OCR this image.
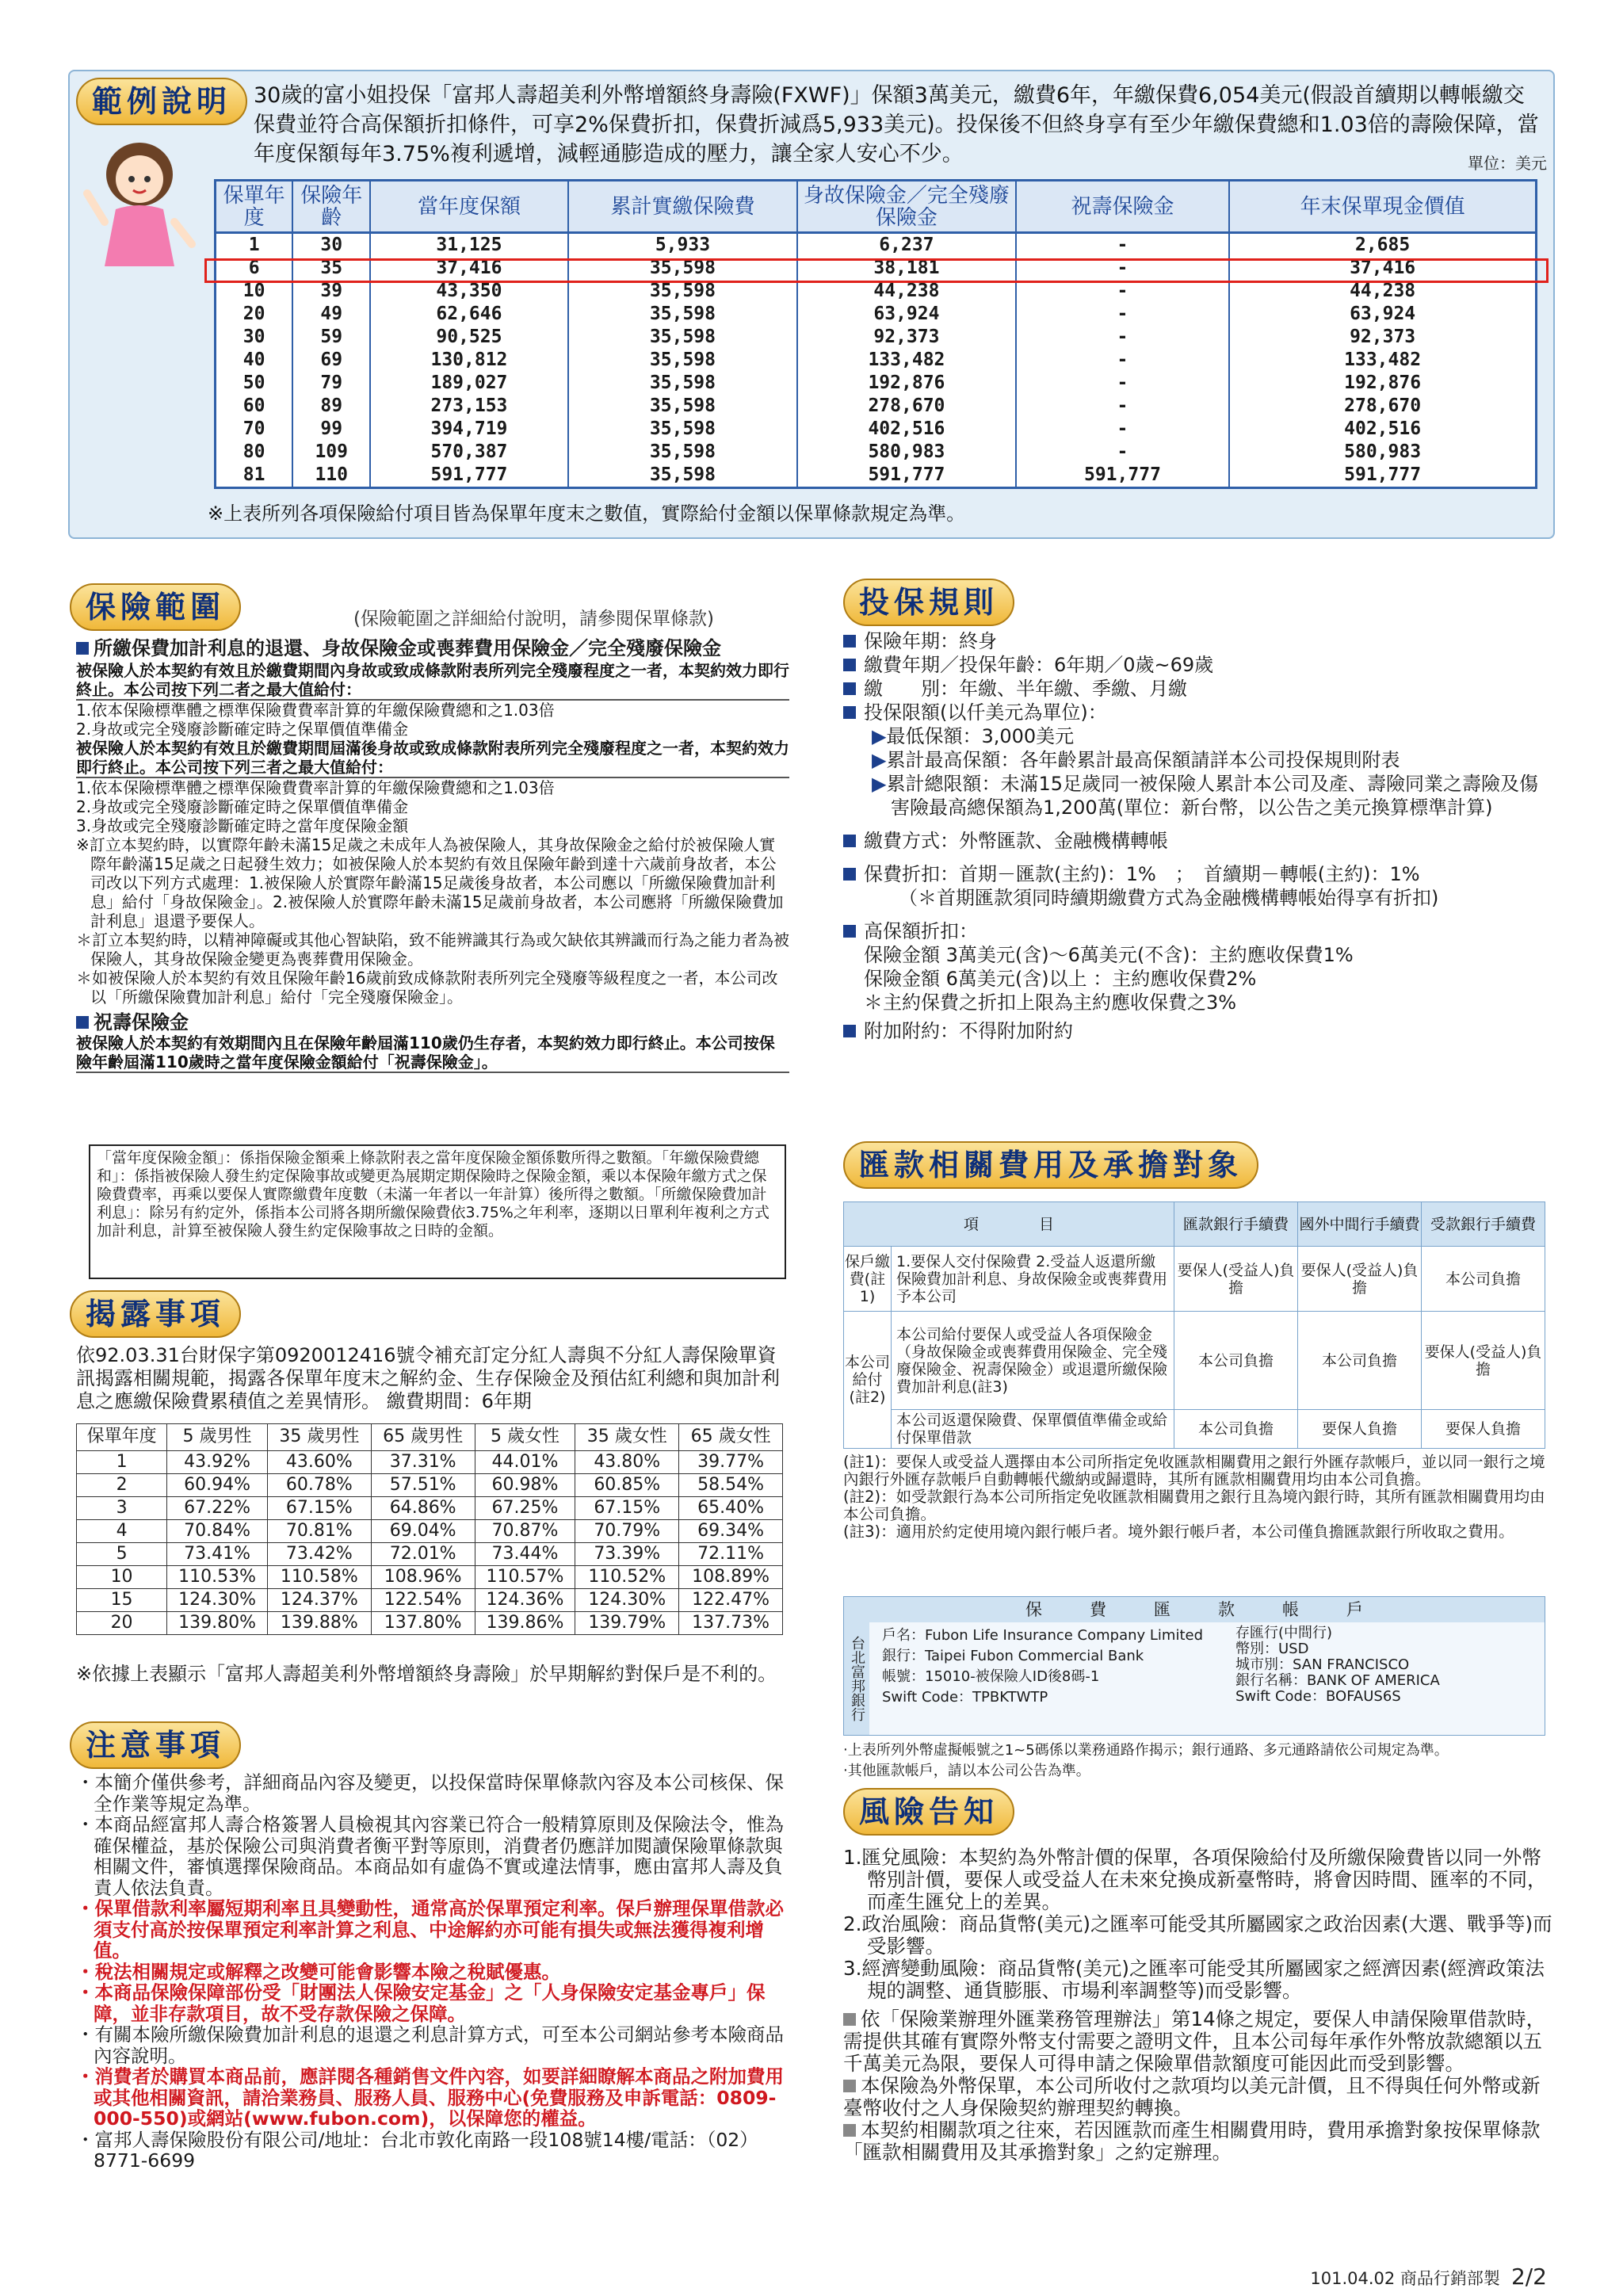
範例說明	30歲的富小姐投保「富邦人壽超美利外幣增額終身壽險(FXWF)」保額3萬美元，繳費6年，年繳保費6,054美元(假設首續期以轉帳繳交保費並符合高保額折扣條件，可享2%保費折扣，保費折減爲5,933美元)。投保後不但終身享有至少年繳保費總和1.03倍的壽險保障，當年度保額每年3.75%複利遞增，減輕通膨造成的壓力，讓全家人安心不少。	單位：美元
保單年度	保險年齡	當年度保額	累計實繳保險費	身故保險金／完全殘廢保險金	祝壽保險金	年末保單現金價值
1	30	31,125	5,933	6,237	-	2,685
6	35	37,416	35,598	38,181	-	37,416
10	39	43,350	35,598	44,238	-	44,238
20	49	62,646	35,598	63,924	-	63,924
30	59	90,525	35,598	92,373	-	92,373
40	69	130,812	35,598	133,482	-	133,482
50	79	189,027	35,598	192,876	-	192,876
60	89	273,153	35,598	278,670	-	278,670
70	99	394,719	35,598	402,516	-	402,516
80	109	570,387	35,598	580,983	-	580,983
81	110	591,777	35,598	591,777	591,777	591,777
※上表所列各項保險給付項目皆為保單年度末之數值，實際給付金額以保單條款規定為準。
保險範圍	(保險範圍之詳細給付說明，請參閱保單條款)
所繳保費加計利息的退還、身故保險金或喪葬費用保險金／完全殘廢保險金
被保險人於本契約有效且於繳費期間內身故或致成條款附表所列完全殘廢程度之一者，本契約效力即行終止。本公司按下列二者之最大值給付：
1.依本保險標準體之標準保險費費率計算的年繳保險費總和之1.03倍
2.身故或完全殘廢診斷確定時之保單價值準備金
被保險人於本契約有效且於繳費期間屆滿後身故或致成條款附表所列完全殘廢程度之一者，本契約效力即行終止。本公司按下列三者之最大值給付：
1.依本保險標準體之標準保險費費率計算的年繳保險費總和之1.03倍
2.身故或完全殘廢診斷確定時之保單價值準備金
3.身故或完全殘廢診斷確定時之當年度保險金額
※訂立本契約時，以實際年齡未滿15足歲之未成年人為被保險人，其身故保險金之給付於被保險人實際年齡滿15足歲之日起發生效力；如被保險人於本契約有效且保險年齡到達十六歲前身故者，本公司改以下列方式處理：1.被保險人於實際年齡滿15足歲後身故者，本公司應以「所繳保險費加計利息」給付「身故保險金」。2.被保險人於實際年齡未滿15足歲前身故者，本公司應將「所繳保險費加計利息」退還予要保人。
＊訂立本契約時，以精神障礙或其他心智缺陷，致不能辨識其行為或欠缺依其辨識而行為之能力者為被保險人，其身故保險金變更為喪葬費用保險金。
＊如被保險人於本契約有效且保險年齡16歲前致成條款附表所列完全殘廢等級程度之一者，本公司改以「所繳保險費加計利息」給付「完全殘廢保險金」。
祝壽保險金
被保險人於本契約有效期間內且在保險年齡屆滿110歲仍生存者，本契約效力即行終止。本公司按保險年齡屆滿110歲時之當年度保險金額給付「祝壽保險金」。
「當年度保險金額」：係指保險金額乘上條款附表之當年度保險金額係數所得之數額。「年繳保險費總和」：係指被保險人發生約定保險事故或變更為展期定期保險時之保險金額，乘以本保險年繳方式之保險費費率，再乘以要保人實際繳費年度數（未滿一年者以一年計算）後所得之數額。「所繳保險費加計利息」：除另有約定外，係指本公司將各期所繳保險費依3.75%之年利率，逐期以日單利年複利之方式加計利息，計算至被保險人發生約定保險事故之日時的金額。
揭露事項
依92.03.31台財保字第0920012416號令補充訂定分紅人壽與不分紅人壽保險單資訊揭露相關規範，揭露各保單年度末之解約金、生存保險金及預估紅利總和與加計利息之應繳保險費累積值之差異情形。 繳費期間：6年期
保單年度	5 歲男性	35 歲男性	65 歲男性	5 歲女性	35 歲女性	65 歲女性
1	43.92%	43.60%	37.31%	44.01%	43.80%	39.77%
2	60.94%	60.78%	57.51%	60.98%	60.85%	58.54%
3	67.22%	67.15%	64.86%	67.25%	67.15%	65.40%
4	70.84%	70.81%	69.04%	70.87%	70.79%	69.34%
5	73.41%	73.42%	72.01%	73.44%	73.39%	72.11%
10	110.53%	110.58%	108.96%	110.57%	110.52%	108.89%
15	124.30%	124.37%	122.54%	124.36%	124.30%	122.47%
20	139.80%	139.88%	137.80%	139.86%	139.79%	137.73%
※依據上表顯示「富邦人壽超美利外幣增額終身壽險」於早期解約對保戶是不利的。
注意事項

・本簡介僅供參考，詳細商品內容及變更，以投保當時保單條款內容及本公司核保、保全作業等規定為準。

・本商品經富邦人壽合格簽署人員檢視其內容業已符合一般精算原則及保險法令，惟為確保權益，基於保險公司與消費者衡平對等原則，消費者仍應詳加閱讀保險單條款與相關文件，審慎選擇保險商品。本商品如有虛偽不實或違法情事，應由富邦人壽及負責人依法負責。

・保單借款利率屬短期利率且具變動性，通常高於保單預定利率。保戶辦理保單借款必須支付高於按保單預定利率計算之利息、中途解約亦可能有損失或無法獲得複利增值。

・稅法相關規定或解釋之改變可能會影響本險之稅賦優惠。

・本商品保險保障部份受「財團法人保險安定基金」之「人身保險安定基金專戶」保障，並非存款項目，故不受存款保險之保障。

・有關本險所繳保險費加計利息的退還之利息計算方式，可至本公司網站參考本險商品內容說明。

・消費者於購買本商品前，應詳閱各種銷售文件內容，如要詳細瞭解本商品之附加費用或其他相關資訊，請洽業務員、服務人員、服務中心(免費服務及申訴電話：0809-000-550)或網站(www.fubon.com)，以保障您的權益。

・富邦人壽保險股份有限公司/地址：台北市敦化南路一段108號14樓/電話：（02）8771-6699

投保規則
保險年期：終身
繳費年期／投保年齡：6年期／0歲~69歲
繳　　別：年繳、半年繳、季繳、月繳
投保限額(以仟美元為單位)：
▶最低保額：3,000美元
▶累計最高保額：各年齡累計最高保額請詳本公司投保規則附表
▶累計總限額：未滿15足歲同一被保險人累計本公司及產、壽險同業之壽險及傷害險最高總保額為1,200萬(單位：新台幣，以公告之美元換算標準計算)
繳費方式：外幣匯款、金融機構轉帳
保費折扣：首期－匯款(主約)：1%　；　首續期－轉帳(主約)：1%
（＊首期匯款須同時續期繳費方式為金融機構轉帳始得享有折扣)
高保額折扣：
保險金額 3萬美元(含)～6萬美元(不含)：主約應收保費1%
保險金額 6萬美元(含)以上 ：主約應收保費2%
＊主約保費之折扣上限為主約應收保費之3%
附加附約：不得附加附約
匯款相關費用及承擔對象
項　　　　目		匯款銀行手續費	國外中間行手續費	受款銀行手續費
保戶繳費(註1)	1.要保人交付保險費 2.受益人返還所繳保險費加計利息、身故保險金或喪葬費用予本公司	要保人(受益人)負擔	要保人(受益人)負擔	本公司負擔
本公司給付(註2)	本公司給付要保人或受益人各項保險金（身故保險金或喪葬費用保險金、完全殘廢保險金、祝壽保險金）或退還所繳保險費加計利息(註3)	本公司負擔	本公司負擔	要保人(受益人)負擔
	本公司返還保險費、保單價值準備金或給付保單借款	本公司負擔	要保人負擔	要保人負擔
(註1)：要保人或受益人選擇由本公司所指定免收匯款相關費用之銀行外匯存款帳戶，並以同一銀行之境內銀行外匯存款帳戶自動轉帳代繳納或歸還時，其所有匯款相關費用均由本公司負擔。
(註2)：如受款銀行為本公司所指定免收匯款相關費用之銀行且為境內銀行時，其所有匯款相關費用均由本公司負擔。
(註3)：適用於約定使用境內銀行帳戶者。境外銀行帳戶者，本公司僅負擔匯款銀行所收取之費用。
保費匯款帳戶
台北富邦銀行
戶名：Fubon Life Insurance Company Limited
銀行：Taipei Fubon Commercial Bank
帳號：15010-被保險人ID後8碼-1
Swift Code：TPBKTWTP
存匯行(中間行)
幣別：USD
城市別：SAN FRANCISCO
銀行名稱：BANK OF AMERICA
Swift Code：BOFAUS6S
‧上表所列外幣虛擬帳號之1~5碼係以業務通路作揭示；銀行通路、多元通路請依公司規定為準。
‧其他匯款帳戶，請以本公司公告為準。
風險告知
1.匯兌風險：本契約為外幣計價的保單，各項保險給付及所繳保險費皆以同一外幣幣別計價，要保人或受益人在未來兌換成新臺幣時，將會因時間、匯率的不同，而產生匯兌上的差異。
2.政治風險：商品貨幣(美元)之匯率可能受其所屬國家之政治因素(大選、戰爭等)而受影響。
3.經濟變動風險：商品貨幣(美元)之匯率可能受其所屬國家之經濟因素(經濟政策法規的調整、通貨膨脹、市場利率調整等)而受影響。
依「保險業辦理外匯業務管理辦法」第14條之規定，要保人申請保險單借款時，需提供其確有實際外幣支付需要之證明文件，且本公司每年承作外幣放款總額以五千萬美元為限，要保人可得申請之保險單借款額度可能因此而受到影響。
本保險為外幣保單，本公司所收付之款項均以美元計價，且不得與任何外幣或新臺幣收付之人身保險契約辦理契約轉換。
本契約相關款項之往來，若因匯款而產生相關費用時，費用承擔對象按保單條款「匯款相關費用及其承擔對象」之約定辦理。
101.04.02 商品行銷部製 2/2
